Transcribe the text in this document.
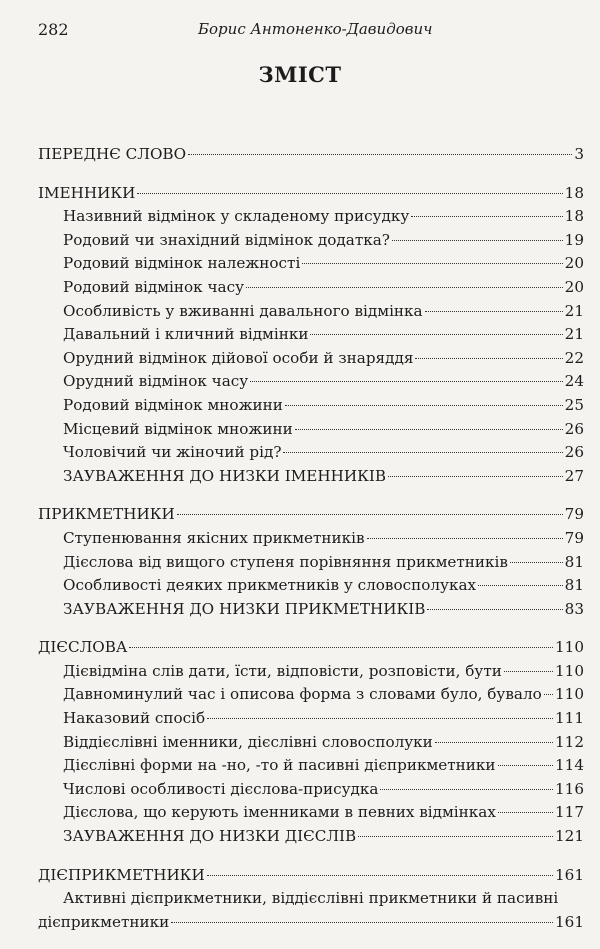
282	Борис Антоненко-Давидович
ЗМІСТ
ПЕРЕДНЄ СЛОВО	3
ІМЕННИКИ	18
Називний відмінок у складеному присудку	18
Родовий чи знахідний відмінок додатка?	19
Родовий відмінок належності	20
Родовий відмінок часу	20
Особливість у вживанні давального відмінка	21
Давальний і кличний відмінки	21
Орудний відмінок дійової особи й знаряддя	22
Орудний відмінок часу	24
Родовий відмінок множини	25
Місцевий відмінок множини	26
Чоловічий чи жіночий рід?	26
ЗАУВАЖЕННЯ ДО НИЗКИ ІМЕННИКІВ	27
ПРИКМЕТНИКИ	79
Ступенювання якісних прикметників	79
Дієслова від вищого ступеня порівняння прикметників	81
Особливості деяких прикметників у словосполуках	81
ЗАУВАЖЕННЯ ДО НИЗКИ ПРИКМЕТНИКІВ	83
ДІЄСЛОВА	110
Дієвідміна слів дати, їсти, відповісти, розповісти, бути	110
Давноминулий час і описова форма з словами було, бувало 110
Наказовий спосіб	111
Віддієслівні іменники, дієслівні словосполуки	112
Дієслівні форми на -но, -то й пасивні дієприкметники	114
Числові особливості дієслова-присудка	116
Дієслова, що керують іменниками в певних відмінках	117
ЗАУВАЖЕННЯ ДО НИЗКИ ДІЄСЛІВ	121
ДІЄПРИКМЕТНИКИ	161
Активні дієприкметники, віддієслівні прикметники й пасивні
дієприкметники	161
